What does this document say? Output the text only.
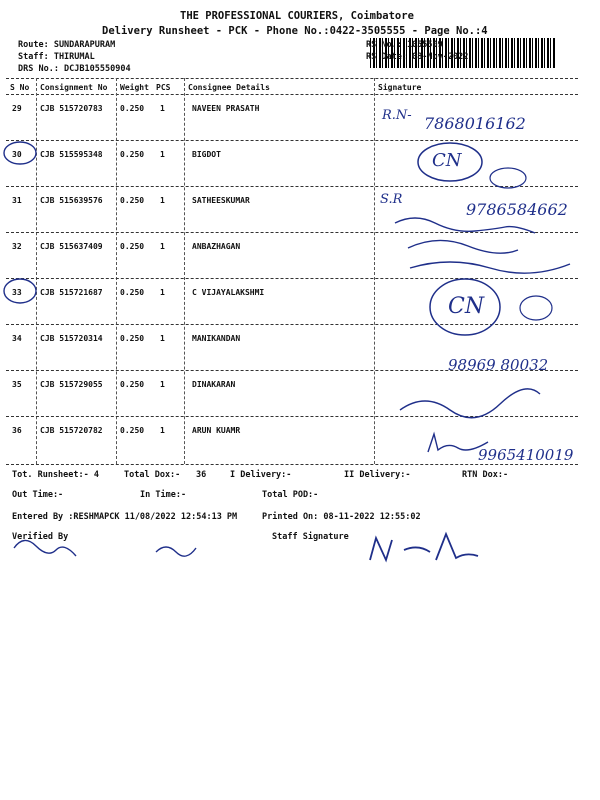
THE PROFESSIONAL COURIERS, Coimbatore
Delivery Runsheet - PCK - Phone No.:0422-3505555 - Page No.:4
Route: SUNDARAPURAM
Staff: THIRUMAL
DRS No.: DCJB105550904
RS No.: 1055509
RS Date: 08-Nov-2022
S No Consignment No Weight PCS Consignee Details	Signature
29 CJB 515720783 0.250 1	NAVEEN PRASATH
30 CJB 515595348 0.250 1	BIGDOT
31 CJB 515639576 0.250 1	SATHEESKUMAR
32 CJB 515637409 0.250 1	ANBAZHAGAN
33 CJB 515721687 0.250 1	C VIJAYALAKSHMI
34 CJB 515720314 0.250 1	MANIKANDAN
35 CJB 515729055 0.250 1	DINAKARAN
36 CJB 515720782 0.250 1	ARUN KUAMR
R.N- 7868016162
CN
S.R
9786584662
CN
98969 80032
9965410019
Tot. Runsheet:- 4	Total Dox:- 36	I Delivery:-	II Delivery:-	RTN Dox:-
Out Time:-	In Time:-	Total POD:-
Entered By :RESHMAPCK 11/08/2022 12:54:13 PM	Printed On: 08-11-2022 12:55:02
Verified By	Staff Signature
